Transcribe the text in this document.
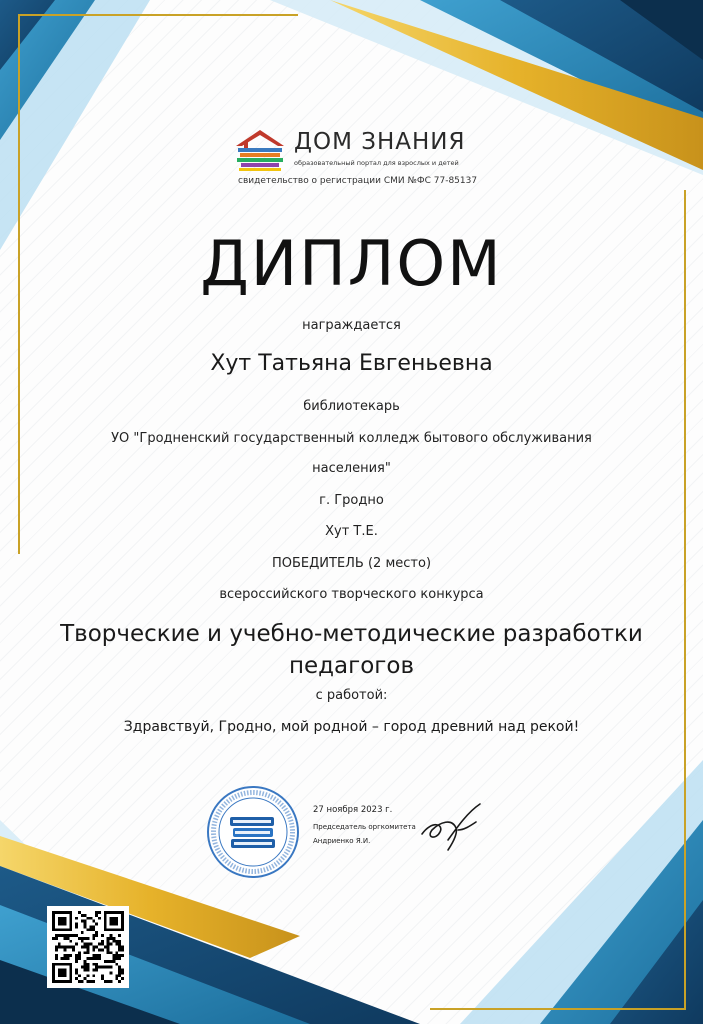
ДОМ ЗНАНИЯ
образовательный портал для взрослых и детей
свидетельство о регистрации СМИ №ФС 77-85137
ДИПЛОМ
награждается
Хут Татьяна Евгеньевна
библиотекарь
УО "Гродненский государственный колледж бытового обслуживания
населения"
г. Гродно
Хут Т.Е.
ПОБЕДИТЕЛЬ (2 место)
всероссийского творческого конкурса
Творческие и учебно-методические разработки
педагогов
с работой:
Здравствуй, Гродно, мой родной – город древний над рекой!
27 ноября 2023 г.
Председатель оргкомитета
Андриенко Я.И.
